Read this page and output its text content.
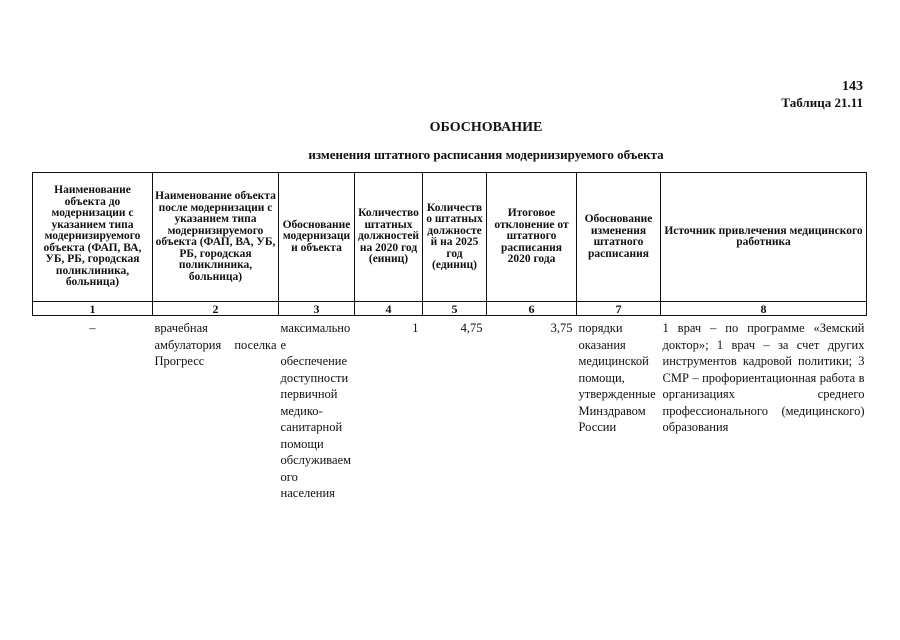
143
Таблица 21.11
ОБОСНОВАНИЕ
изменения штатного расписания модернизируемого объекта
Наименование объекта до модернизации с указанием типа модернизируемого объекта (ФАП, ВА, УБ, РБ, городская поликлиника, больница)	Наименование объекта после модернизации с указанием типа модернизируемого объекта (ФАП, ВА, УБ, РБ, городская поликлиника, больница)	Обоснование модернизации объекта	Количество штатных должностей на 2020 год (еиниц)	Количество штатных должностей на 2025 год (единиц)	Итоговое отклонение от штатного расписания 2020 года	Обоснование изменения штатного расписания	Источник привлечения медицинского работника
1	2	3	4	5	6	7	8
–	врачебная амбулатория поселка Прогресс	максимальное обеспечение доступности первичной медико-санитарной помощи обслуживаемого населения	1	4,75	3,75	порядки оказания медицинской помощи, утвержденные Минздравом России	1 врач – по программе «Земский доктор»; 1 врач – за счет других инструментов кадровой политики; 3 СМР – профориентационная работа в организациях среднего профессионального (медицинского) образования
